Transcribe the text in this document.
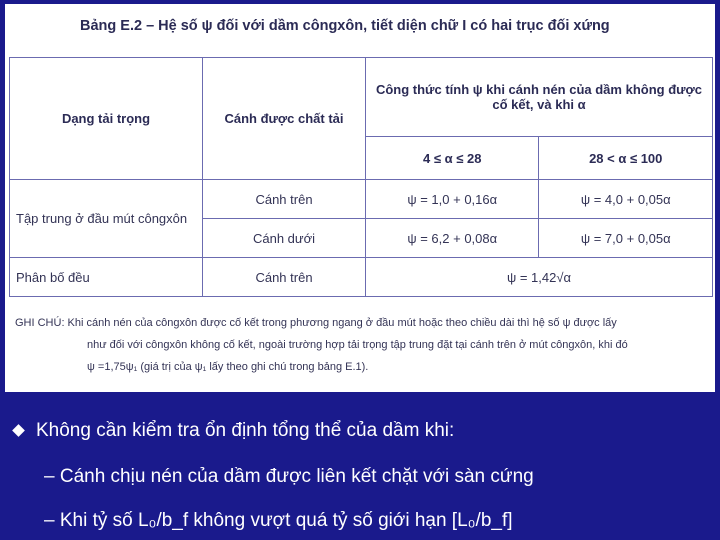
Bảng E.2 – Hệ số ψ đối với dầm côngxôn, tiết diện chữ I có hai trục đối xứng
Dạng tải trọng	Cánh được chất tải	Công thức tính ψ khi cánh nén của dầm không được cố kết, và khi α	
		4 ≤ α ≤ 28	28 < α ≤ 100
Tập trung ở đầu mút côngxôn	Cánh trên	ψ = 1,0 + 0,16α	ψ = 4,0 + 0,05α
	Cánh dưới	ψ = 6,2 + 0,08α	ψ = 7,0 + 0,05α
Phân bố đều	Cánh trên	ψ = 1,42√α	
GHI CHÚ: Khi cánh nén của côngxôn được cố kết trong phương ngang ở đầu mút hoặc theo chiều dài thì hệ số ψ được lấy
như đối với côngxôn không cố kết, ngoài trường hợp tải trọng tập trung đặt tại cánh trên ở mút côngxôn, khi đó
ψ =1,75ψ₁ (giá trị của ψ₁ lấy theo ghi chú trong bảng E.1).
Không cần kiểm tra ổn định tổng thể của dầm khi:
– Cánh chịu nén của dầm được liên kết chặt với sàn cứng
– Khi tỷ số L₀/b_f không vượt quá tỷ số giới hạn [L₀/b_f]
